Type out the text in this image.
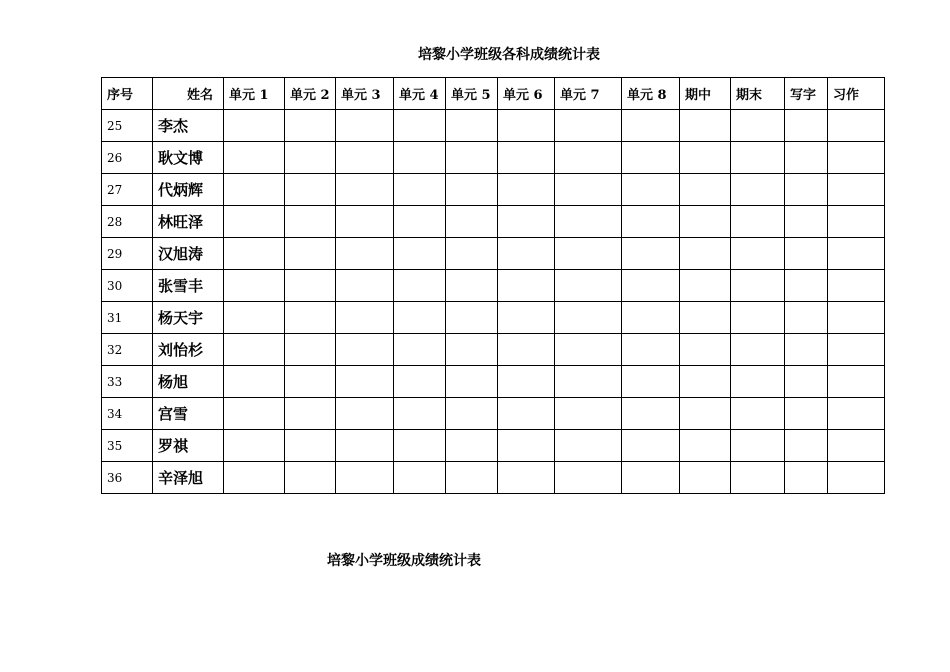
培黎小学班级各科成绩统计表
序号	姓名	单元 1	单元 2	单元 3	单元 4	单元 5	单元 6	单元 7	单元 8	期中	期末	写字	习作
25	李杰												
26	耿文博												
27	代炳辉												
28	林旺泽												
29	汉旭涛												
30	张雪丰												
31	杨天宇												
32	刘怡杉												
33	杨旭												
34	宫雪												
35	罗祺												
36	辛泽旭												
培黎小学班级成绩统计表
